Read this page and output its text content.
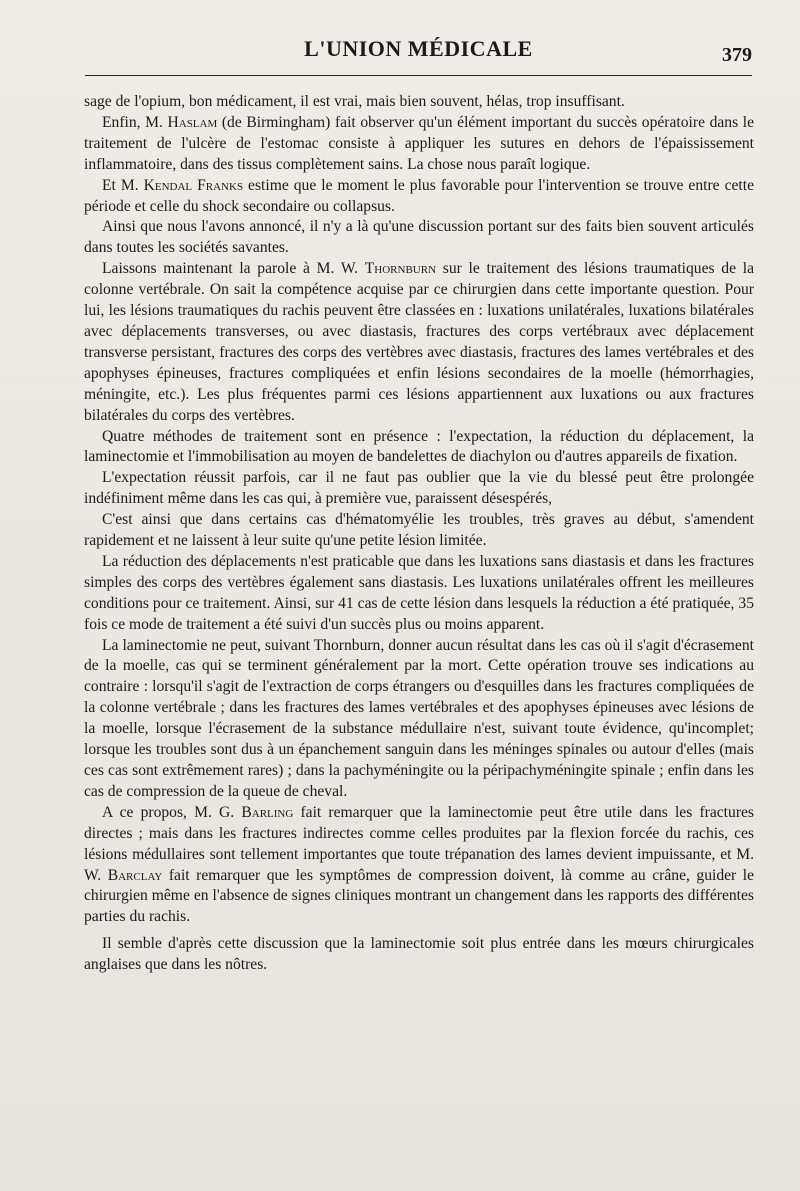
L'UNION MÉDICALE	379

sage de l'opium, bon médicament, il est vrai, mais bien souvent, hélas, trop insuffisant.

Enfin, M. Haslam (de Birmingham) fait observer qu'un élément important du succès opératoire dans le traitement de l'ulcère de l'estomac consiste à appliquer les sutures en dehors de l'épaississement inflammatoire, dans des tissus complètement sains. La chose nous paraît logique.

Et M. Kendal Franks estime que le moment le plus favorable pour l'intervention se trouve entre cette période et celle du shock secondaire ou collapsus.

Ainsi que nous l'avons annoncé, il n'y a là qu'une discussion portant sur des faits bien souvent articulés dans toutes les sociétés savantes.

Laissons maintenant la parole à M. W. Thornburn sur le traitement des lésions traumatiques de la colonne vertébrale. On sait la compétence acquise par ce chirurgien dans cette importante question. Pour lui, les lésions traumatiques du rachis peuvent être classées en : luxations unilatérales, luxations bilatérales avec déplacements transverses, ou avec diastasis, fractures des corps vertébraux avec déplacement transverse persistant, fractures des corps des vertèbres avec diastasis, fractures des lames vertébrales et des apophyses épineuses, fractures compliquées et enfin lésions secondaires de la moelle (hémorrhagies, méningite, etc.). Les plus fréquentes parmi ces lésions appartiennent aux luxations ou aux fractures bilatérales du corps des vertèbres.

Quatre méthodes de traitement sont en présence : l'expectation, la réduction du déplacement, la laminectomie et l'immobilisation au moyen de bandelettes de diachylon ou d'autres appareils de fixation.

L'expectation réussit parfois, car il ne faut pas oublier que la vie du blessé peut être prolongée indéfiniment même dans les cas qui, à première vue, paraissent désespérés,

C'est ainsi que dans certains cas d'hématomyélie les troubles, très graves au début, s'amendent rapidement et ne laissent à leur suite qu'une petite lésion limitée.

La réduction des déplacements n'est praticable que dans les luxations sans diastasis et dans les fractures simples des corps des vertèbres également sans diastasis. Les luxations unilatérales offrent les meilleures conditions pour ce traitement. Ainsi, sur 41 cas de cette lésion dans lesquels la réduction a été pratiquée, 35 fois ce mode de traitement a été suivi d'un succès plus ou moins apparent.

La laminectomie ne peut, suivant Thornburn, donner aucun résultat dans les cas où il s'agit d'écrasement de la moelle, cas qui se terminent généralement par la mort. Cette opération trouve ses indications au contraire : lorsqu'il s'agit de l'extraction de corps étrangers ou d'esquilles dans les fractures compliquées de la colonne vertébrale ; dans les fractures des lames vertébrales et des apophyses épineuses avec lésions de la moelle, lorsque l'écrasement de la substance médullaire n'est, suivant toute évidence, qu'incomplet; lorsque les troubles sont dus à un épanchement sanguin dans les méninges spinales ou autour d'elles (mais ces cas sont extrêmement rares) ; dans la pachyméningite ou la péripachyméningite spinale ; enfin dans les cas de compression de la queue de cheval.

A ce propos, M. G. Barling fait remarquer que la laminectomie peut être utile dans les fractures directes ; mais dans les fractures indirectes comme celles produites par la flexion forcée du rachis, ces lésions médullaires sont tellement importantes que toute trépanation des lames devient impuissante, et M. W. Barclay fait remarquer que les symptômes de compression doivent, là comme au crâne, guider le chirurgien même en l'absence de signes cliniques montrant un changement dans les rapports des différentes parties du rachis.

Il semble d'après cette discussion que la laminectomie soit plus entrée dans les mœurs chirurgicales anglaises que dans les nôtres.
